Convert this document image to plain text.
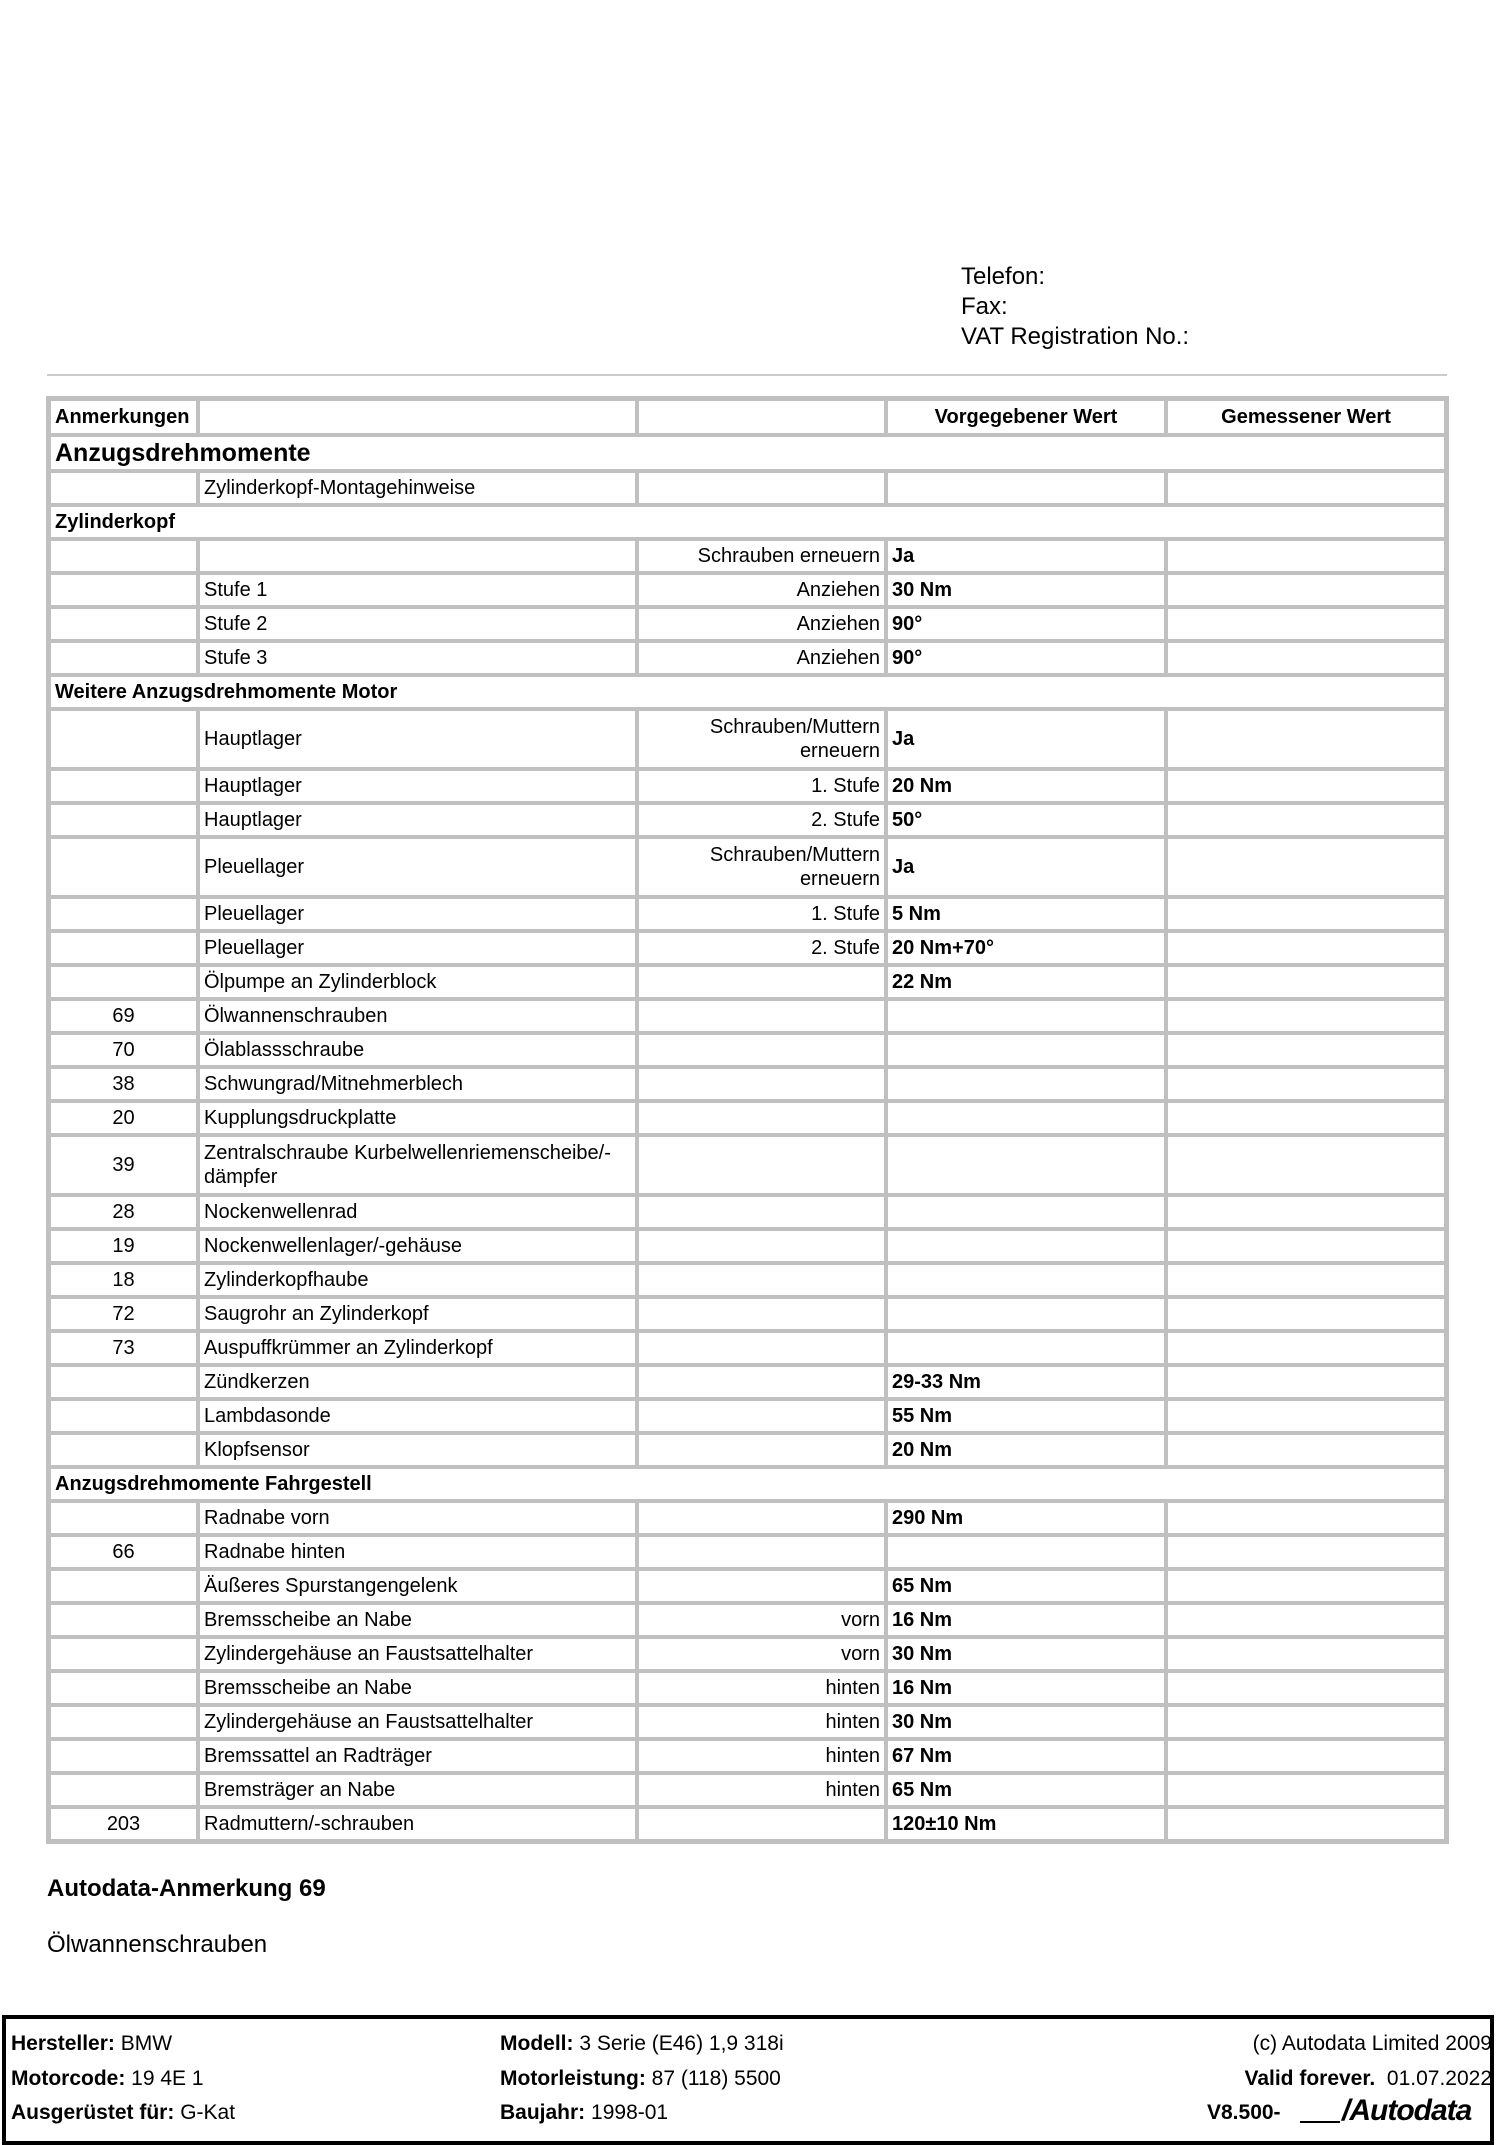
Telefon:
Fax:
VAT Registration No.:
Anmerkungen			Vorgegebener Wert	Gemessener Wert
Anzugsdrehmomente				
	Zylinderkopf-Montagehinweise			
Zylinderkopf				
		Schrauben erneuern	Ja	
	Stufe 1	Anziehen	30 Nm	
	Stufe 2	Anziehen	90°	
	Stufe 3	Anziehen	90°	
Weitere Anzugsdrehmomente Motor				
	Hauptlager	Schrauben/Muttern erneuern	Ja	
	Hauptlager	1. Stufe	20 Nm	
	Hauptlager	2. Stufe	50°	
	Pleuellager	Schrauben/Muttern erneuern	Ja	
	Pleuellager	1. Stufe	5 Nm	
	Pleuellager	2. Stufe	20 Nm+70°	
	Ölpumpe an Zylinderblock		22 Nm	
69	Ölwannenschrauben			
70	Ölablassschraube			
38	Schwungrad/Mitnehmerblech			
20	Kupplungsdruckplatte			
39	Zentralschraube Kurbelwellenriemenscheibe/-dämpfer			
28	Nockenwellenrad			
19	Nockenwellenlager/-gehäuse			
18	Zylinderkopfhaube			
72	Saugrohr an Zylinderkopf			
73	Auspuffkrümmer an Zylinderkopf			
	Zündkerzen		29-33 Nm	
	Lambdasonde		55 Nm	
	Klopfsensor		20 Nm	
Anzugsdrehmomente Fahrgestell				
	Radnabe vorn		290 Nm	
66	Radnabe hinten			
	Äußeres Spurstangengelenk		65 Nm	
	Bremsscheibe an Nabe	vorn	16 Nm	
	Zylindergehäuse an Faustsattelhalter	vorn	30 Nm	
	Bremsscheibe an Nabe	hinten	16 Nm	
	Zylindergehäuse an Faustsattelhalter	hinten	30 Nm	
	Bremssattel an Radträger	hinten	67 Nm	
	Bremsträger an Nabe	hinten	65 Nm	
203	Radmuttern/-schrauben		120±10 Nm	
Autodata-Anmerkung 69
Ölwannenschrauben
Hersteller: BMW
Motorcode: 19 4E 1
Ausgerüstet für: G-Kat
Modell: 3 Serie (E46) 1,9 318i
Motorleistung: 87 (118) 5500
Baujahr: 1998-01
(c) Autodata Limited 2009
Valid forever. 01.07.2022
V8.500- /Autodata
